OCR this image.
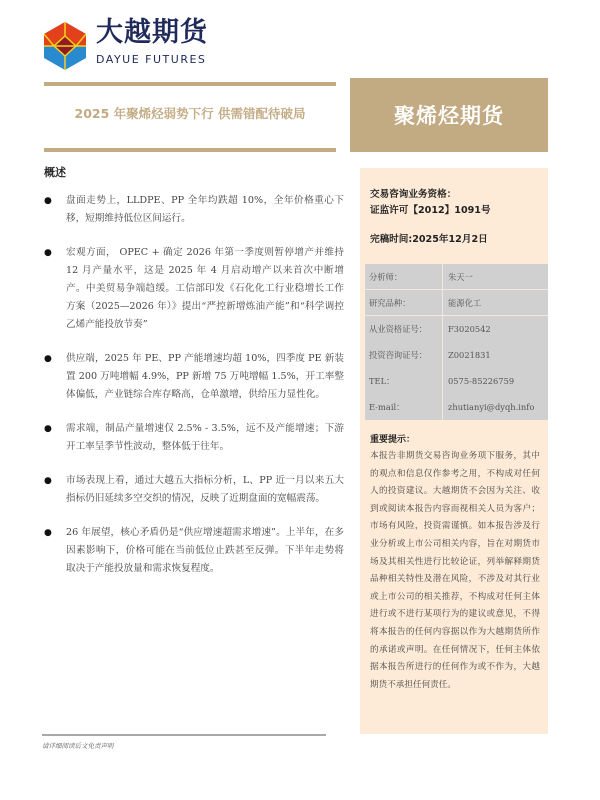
大越期货
DAYUE FUTURES
2025 年聚烯烃弱势下行 供需错配待破局	聚烯烃期货
概述
●	盘面走势上，LLDPE、PP 全年均跌超 10%，全年价格重心下移，短期维持低位区间运行。
●	宏观方面， OPEC + 确定 2026 年第一季度则暂停增产并维持 12 月产量水平，这是 2025 年 4 月启动增产以来首次中断增产。中美贸易争端趋缓。工信部印发《石化化工行业稳增长工作方案（2025—2026 年）》提出“严控新增炼油产能”和“科学调控乙烯产能投放节奏”
●	供应端，2025 年 PE、PP 产能增速均超 10%，四季度 PE 新装置 200 万吨增幅 4.9%，PP 新增 75 万吨增幅 1.5%，开工率整体偏低，产业链综合库存略高，仓单激增，供给压力显性化。
●	需求端，制品产量增速仅 2.5% - 3.5%，远不及产能增速；下游开工率呈季节性波动，整体低于往年。
●	市场表现上看，通过大越五大指标分析，L、PP 近一月以来五大指标仍旧延续多空交织的情况，反映了近期盘面的宽幅震荡。
●	26 年展望，核心矛盾仍是“供应增速超需求增速”。上半年，在多因素影响下，价格可能在当前低位止跌甚至反弹。下半年走势将取决于产能投放量和需求恢复程度。
交易咨询业务资格：
证监许可【2012】1091号
完稿时间:2025年12月2日
分析师：	朱天一
研究品种：	能源化工
从业资格证号：	F3020542
投资咨询证号：	Z0021831
TEL：	0575-85226759
E-mail：	zhutianyi@dyqh.info
重要提示：
本报告非期货交易咨询业务项下服务，其中的观点和信息仅作参考之用，不构成对任何人的投资建议。大越期货不会因为关注、收到或阅读本报告内容而视相关人员为客户；市场有风险，投资需谨慎。如本报告涉及行业分析或上市公司相关内容，旨在对期货市场及其相关性进行比较论证，列举解释期货品种相关特性及潜在风险，不涉及对其行业或上市公司的相关推荐，不构成对任何主体进行或不进行某项行为的建议或意见，不得将本报告的任何内容据以作为大越期货所作的承诺或声明。在任何情况下，任何主体依据本报告所进行的任何作为或不作为，大越期货不承担任何责任。
请详细阅读后文免责声明
